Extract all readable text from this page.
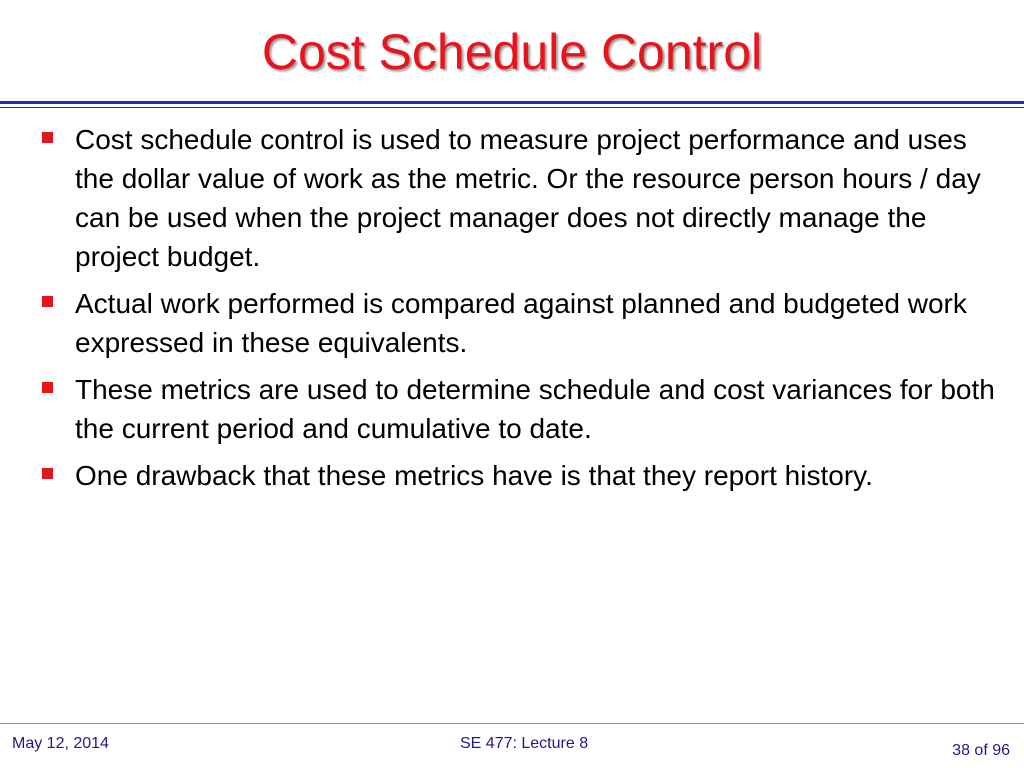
Cost Schedule Control
Cost schedule control is used to measure project performance and uses the dollar value of work as the metric. Or the resource person hours / day can be used when the project manager does not directly manage the project budget.
Actual work performed is compared against planned and budgeted work expressed in these equivalents.
These metrics are used to determine schedule and cost variances for both the current period and cumulative to date.
One drawback that these metrics have is that they report history.
May 12, 2014	SE 477: Lecture 8	38 of 96
